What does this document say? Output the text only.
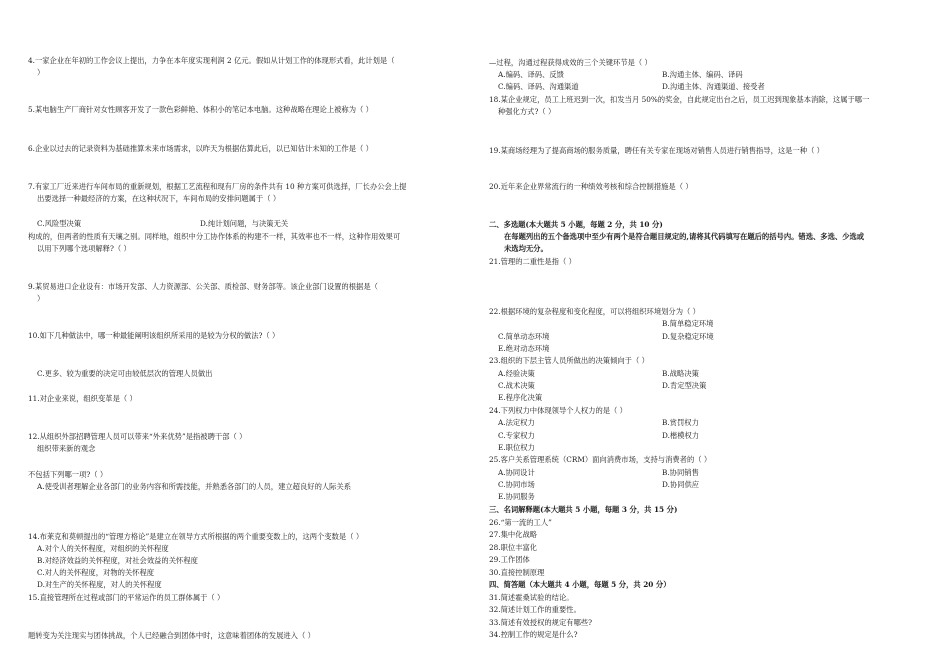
4.一家企业在年初的工作会议上提出，力争在本年度实现利润 2 亿元。假如从计划工作的体现形式看，此计划是（
）
5.某电脑生产厂商针对女性顾客开发了一款色彩鲜艳、体积小的笔记本电脑。这种战略在理论上被称为（ ）
6.企业以过去的记录资料为基础推算未来市场需求，以昨天为根据估算此后，以已知估计未知的工作是（ ）
7.有家工厂近来进行车间布局的重新规划，根据工艺流程和现有厂房的条件共有 10 种方案可供选择，厂长办公会上提
出要选择一种最经济的方案，在这种状况下，车间布局的安排问题属于（ ）
C.风险型决策	D.纯计划问题，与决策无关
构成的，但两者的性质有天壤之别。同样地，组织中分工协作体系的构建不一样，其效率也不一样，这种作用效果可
以用下列哪个选项解释?（ ）
9.某贸易进口企业设有：市场开发部、人力资源部、公关部、质检部、财务部等。该企业部门设置的根据是（
）
10.如下几种做法中，哪一种最能阐明该组织所采用的是较为分权的做法?（ ）
C.更多、较为重要的决定可由较低层次的管理人员做出
11.对企业来说，组织变革是（ ）
12.从组织外部招聘管理人员可以带来“外来优势”是指被聘干部（ ）
组织带来新的观念
不包括下列哪一项?（ ）
A.使受训者理解企业各部门的业务内容和所需技能，并熟悉各部门的人员，建立超良好的人际关系
14.布莱克和莫顿提出的“管理方格论”是建立在领导方式所根据的两个重要变数上的，这两个变数是（ ）
A.对个人的关怀程度，对组织的关怀程度
B.对经济效益的关怀程度，对社会效益的关怀程度
C.对人的关怀程度，对物的关怀程度
D.对生产的关怀程度，对人的关怀程度
15.直接管理所在过程或部门的平常运作的员工群体属于（ ）
题转变为关注现实与团体挑战，个人已经融合到团体中时，这意味着团体的发展进入（ ）
—过程，沟通过程获得成效的三个关键环节是（ ）
A.编码、译码、反馈	B.沟通主体、编码、译码
C.编码、译码、沟通渠道	D.沟通主体、沟通渠道、接受者
18.某企业规定，员工上班迟到一次，扣发当月 50%的奖金，自此规定出台之后，员工迟到现象基本消除，这属于哪一
种强化方式?（ ）
19.某商场经理为了提高商场的服务质量，聘任有关专家在现场对销售人员进行销售指导，这是一种（ ）
20.近年来企业界常流行的一种绩效考核和综合控制措施是（ ）
二、多选题(本大题共 5 小题，每题 2 分，共 10 分)
在每题列出的五个备选项中至少有两个是符合题目规定的,请将其代码填写在题后的括号内。错选、多选、少选或
未选均无分。
21.管理的二重性是指（ ）
22.根据环境的复杂程度和变化程度，可以将组织环境划分为（ ）
B.简单稳定环境
C.简单动态环境	D.复杂稳定环境
E.绝对动态环境
23.组织的下层主管人员所做出的决策倾向于（ ）
A.经验决策	B.战略决策
C.战术决策	D.肯定型决策
E.程序化决策
24.下列权力中体现领导个人权力的是（ ）
A.法定权力	B.赏罚权力
C.专家权力	D.楷模权力
E.职位权力
25.客户关系管理系统（CRM）面向消费市场，支持与消费者的（ ）
A.协同设计	B.协同销售
C.协同市场	D.协同供应
E.协同服务
三、名词解释题(本大题共 5 小题，每题 3 分，共 15 分)
26.“第一流的工人”
27.集中化战略
28.职位丰富化
29.工作团体
30.直接控制原理
四、简答题（本大题共 4 小题，每题 5 分，共 20 分）
31.简述霍桑试验的结论。
32.简述计划工作的重要性。
33.简述有效授权的规定有哪些?
34.控制工作的规定是什么?
